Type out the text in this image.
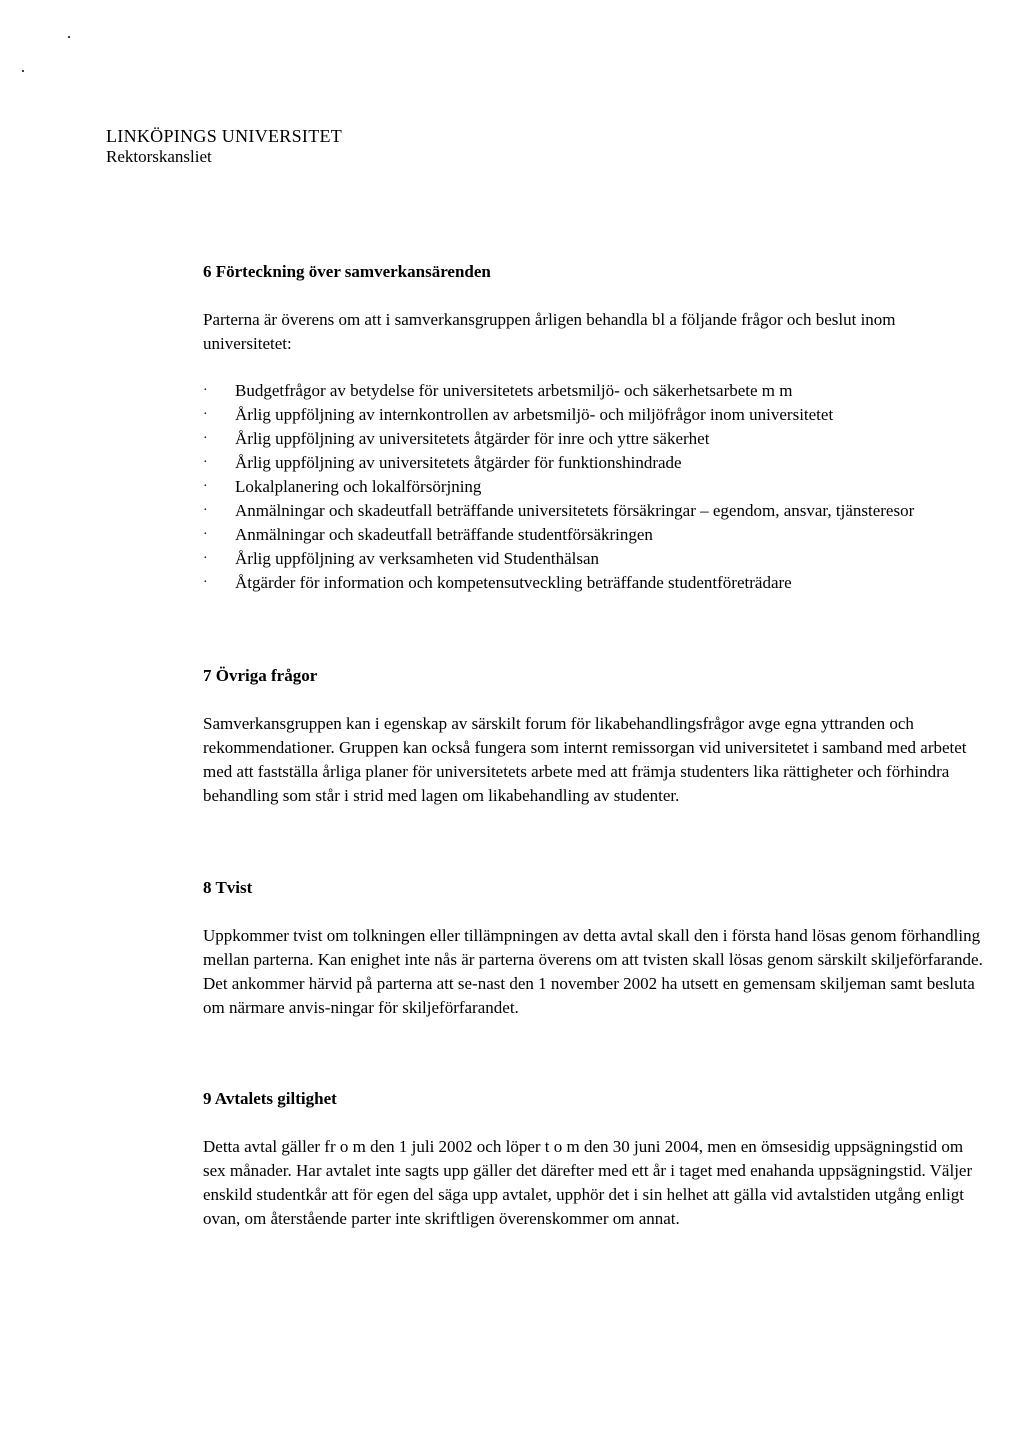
LINKÖPINGS UNIVERSITET
Rektorskansliet
6 Förteckning över samverkansärenden

Parterna är överens om att i samverkansgruppen årligen behandla bl a följande frågor och beslut inom universitetet:

·	Budgetfrågor av betydelse för universitetets arbetsmiljö- och säkerhetsarbete m m
·	Årlig uppföljning av internkontrollen av arbetsmiljö- och miljöfrågor inom universitetet
·	Årlig uppföljning av universitetets åtgärder för inre och yttre säkerhet
·	Årlig uppföljning av universitetets åtgärder för funktionshindrade
·	Lokalplanering och lokalförsörjning
·	Anmälningar och skadeutfall beträffande universitetets försäkringar – egendom, ansvar, tjänsteresor
·	Anmälningar och skadeutfall beträffande studentförsäkringen
·	Årlig uppföljning av verksamheten vid Studenthälsan
·	Åtgärder för information och kompetensutveckling beträffande studentföreträdare
7 Övriga frågor

Samverkansgruppen kan i egenskap av särskilt forum för likabehandlingsfrågor avge egna yttranden och rekommendationer. Gruppen kan också fungera som internt remissorgan vid universitetet i samband med arbetet med att fastställa årliga planer för universitetets arbete med att främja studenters lika rättigheter och förhindra behandling som står i strid med lagen om likabehandling av studenter.

8 Tvist

Uppkommer tvist om tolkningen eller tillämpningen av detta avtal skall den i första hand lösas genom förhandling mellan parterna. Kan enighet inte nås är parterna överens om att tvisten skall lösas genom särskilt skiljeförfarande. Det ankommer härvid på parterna att se-nast den 1 november 2002 ha utsett en gemensam skiljeman samt besluta om närmare anvis-ningar för skiljeförfarandet.

9 Avtalets giltighet

Detta avtal gäller fr o m den 1 juli 2002 och löper t o m den 30 juni 2004, men en ömsesidig uppsägningstid om sex månader. Har avtalet inte sagts upp gäller det därefter med ett år i taget med enahanda uppsägningstid. Väljer enskild studentkår att för egen del säga upp avtalet, upphör det i sin helhet att gälla vid avtalstiden utgång enligt ovan, om återstående parter inte skriftligen överenskommer om annat.
